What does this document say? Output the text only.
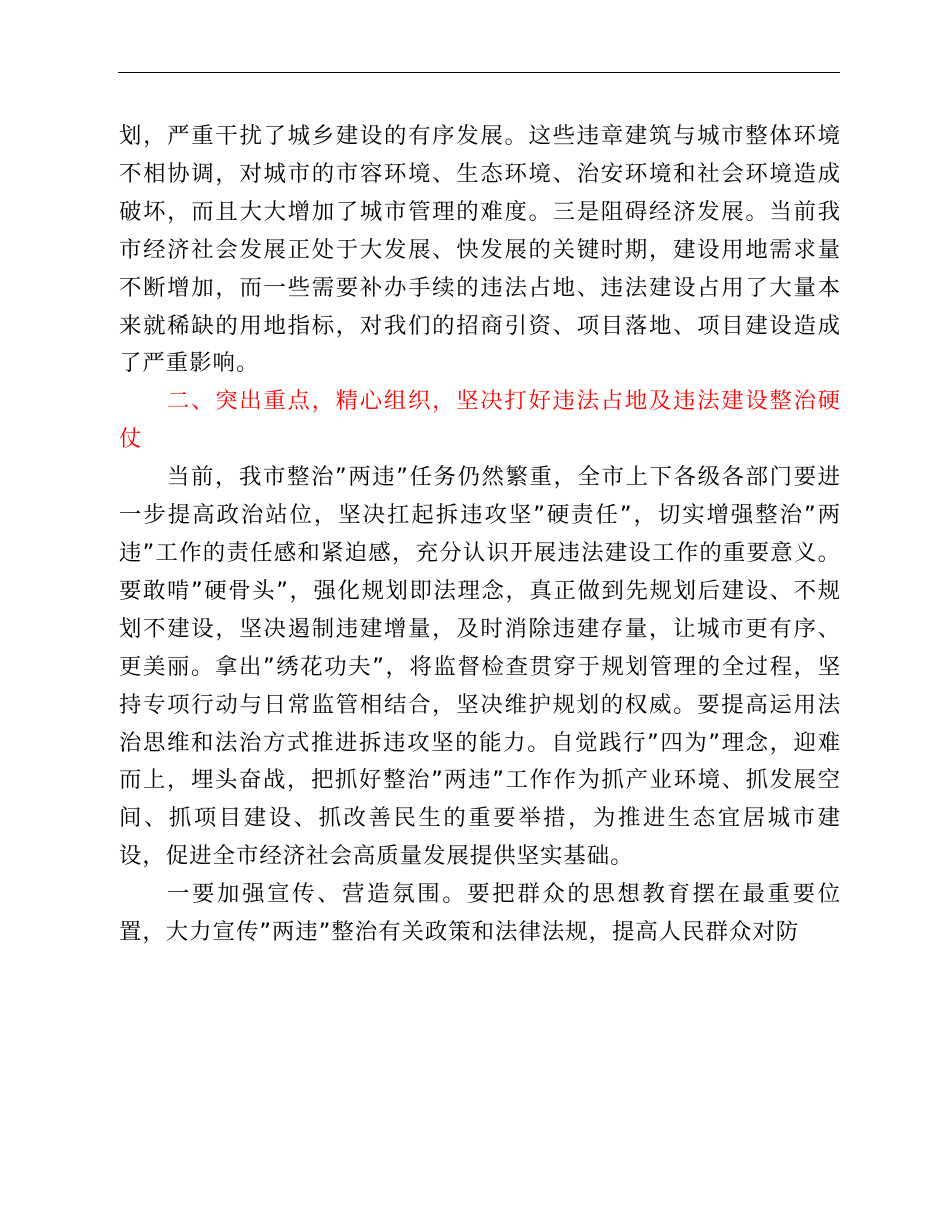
划，严重干扰了城乡建设的有序发展。这些违章建筑与城市整体环境不相协调，对城市的市容环境、生态环境、治安环境和社会环境造成破坏，而且大大增加了城市管理的难度。三是阻碍经济发展。当前我市经济社会发展正处于大发展、快发展的关键时期，建设用地需求量不断增加，而一些需要补办手续的违法占地、违法建设占用了大量本来就稀缺的用地指标，对我们的招商引资、项目落地、项目建设造成了严重影响。

二、突出重点，精心组织，坚决打好违法占地及违法建设整治硬仗

当前，我市整治”两违”任务仍然繁重，全市上下各级各部门要进一步提高政治站位，坚决扛起拆违攻坚”硬责任”，切实增强整治”两违”工作的责任感和紧迫感，充分认识开展违法建设工作的重要意义。要敢啃”硬骨头”，强化规划即法理念，真正做到先规划后建设、不规划不建设，坚决遏制违建增量，及时消除违建存量，让城市更有序、更美丽。拿出”绣花功夫”，将监督检查贯穿于规划管理的全过程，坚持专项行动与日常监管相结合，坚决维护规划的权威。要提高运用法治思维和法治方式推进拆违攻坚的能力。自觉践行”四为”理念，迎难而上，埋头奋战，把抓好整治”两违”工作作为抓产业环境、抓发展空间、抓项目建设、抓改善民生的重要举措，为推进生态宜居城市建设，促进全市经济社会高质量发展提供坚实基础。

一要加强宣传、营造氛围。要把群众的思想教育摆在最重要位置，大力宣传”两违”整治有关政策和法律法规，提高人民群众对防
